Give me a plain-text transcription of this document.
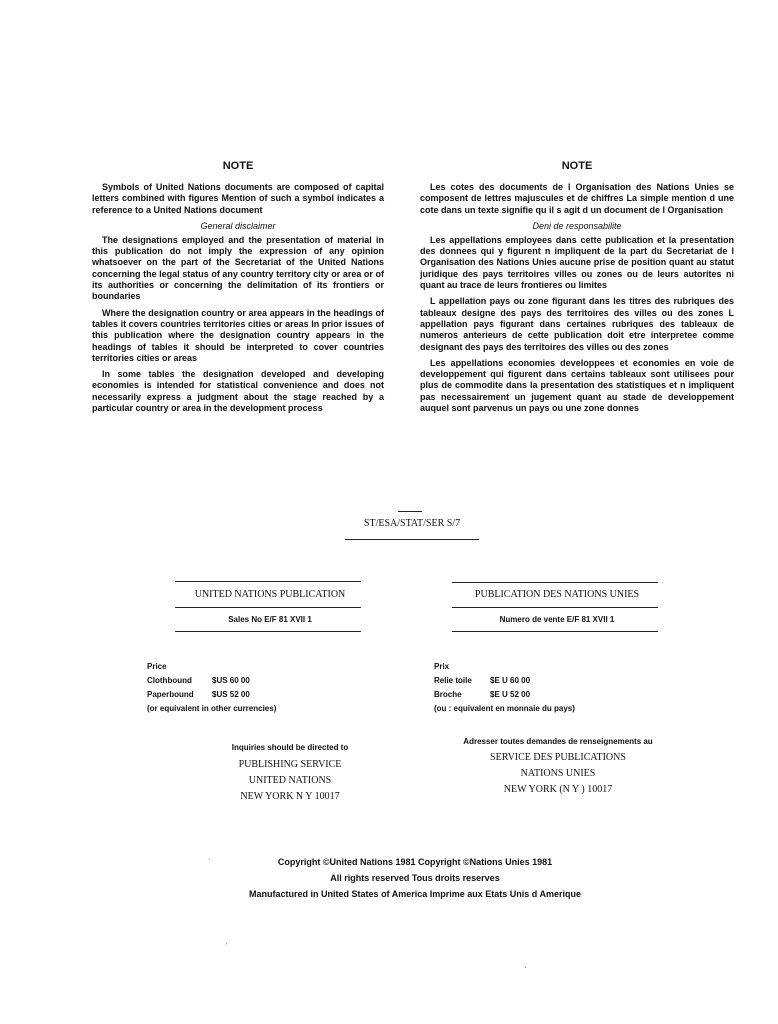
NOTE

Symbols of United Nations documents are composed of capital letters combined with figures Mention of such a symbol indicates a reference to a United Nations document

General disclaimer

The designations employed and the presentation of material in this publication do not imply the expression of any opinion whatsoever on the part of the Secretariat of the United Nations concerning the legal status of any country territory city or area or of its authorities or concerning the delimitation of its frontiers or boundaries

Where the designation country or area appears in the headings of tables it covers countries territories cities or areas In prior issues of this publication where the designation country appears in the headings of tables it should be interpreted to cover countries territories cities or areas

In some tables the designation developed and developing economies is intended for statistical convenience and does not necessarily express a judgment about the stage reached by a particular country or area in the development process

NOTE

Les cotes des documents de l Organisation des Nations Unies se composent de lettres majuscules et de chiffres La simple mention d une cote dans un texte signifie qu il s agit d un document de l Organisation

Deni de responsabilite

Les appellations employees dans cette publication et la presentation des donnees qui y figurent n impliquent de la part du Secretariat de l Organisation des Nations Unies aucune prise de position quant au statut juridique des pays territoires villes ou zones ou de leurs autorites ni quant au trace de leurs frontieres ou limites

L appellation pays ou zone figurant dans les titres des rubriques des tableaux designe des pays des territoires des villes ou des zones L appellation pays figurant dans certaines rubriques des tableaux de numeros anterieurs de cette publication doit etre interpretee comme designant des pays des territoires des villes ou des zones

Les appellations economies developpees et economies en voie de developpement qui figurent dans certains tableaux sont utilisees pour plus de commodite dans la presentation des statistiques et n impliquent pas necessairement un jugement quant au stade de developpement auquel sont parvenus un pays ou une zone donnes

ST/ESA/STAT/SER S/7
UNITED NATIONS PUBLICATION
Sales No E/F 81 XVII 1
PUBLICATION DES NATIONS UNIES
Numero de vente E/F 81 XVII 1
Price
Clothbound	$US 60 00
Paperbound $US 52 00
(or equivalent in other currencies)
Prix
Relie toile $E U 60 00
Broche	$E U 52 00
(ou : equivalent en monnaie du pays)
Inquiries should be directed to
PUBLISHING SERVICE
UNITED NATIONS
NEW YORK N Y 10017
Adresser toutes demandes de renseignements au
SERVICE DES PUBLICATIONS
NATIONS UNIES
NEW YORK (N Y ) 10017
Copyright ©United Nations 1981 Copyright ©Nations Unies 1981
All rights reserved Tous droits reserves
Manufactured in United States of America Imprime aux Etats Unis d Amerique
ˋ
ˏ
ˊ
